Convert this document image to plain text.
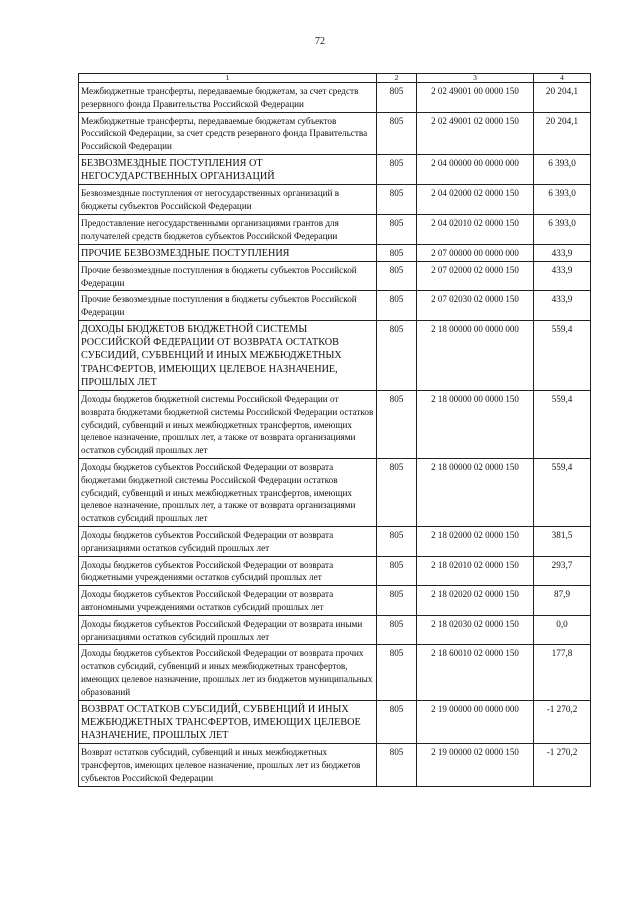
72
1	2	3	4
Межбюджетные трансферты, передаваемые бюджетам, за счет средств резервного фонда Правительства Российской Федерации	805	2 02 49001 00 0000 150	20 204,1
Межбюджетные трансферты, передаваемые бюджетам субъектов Российской Федерации, за счет средств резервного фонда Правительства Российской Федерации	805	2 02 49001 02 0000 150	20 204,1
БЕЗВОЗМЕЗДНЫЕ ПОСТУПЛЕНИЯ ОТ НЕГОСУДАРСТВЕННЫХ ОРГАНИЗАЦИЙ	805	2 04 00000 00 0000 000	6 393,0
Безвозмездные поступления от негосударственных организаций в бюджеты субъектов Российской Федерации	805	2 04 02000 02 0000 150	6 393,0
Предоставление негосударственными организациями грантов для получателей средств бюджетов субъектов Российской Федерации	805	2 04 02010 02 0000 150	6 393,0
ПРОЧИЕ БЕЗВОЗМЕЗДНЫЕ ПОСТУПЛЕНИЯ	805	2 07 00000 00 0000 000	433,9
Прочие безвозмездные поступления в бюджеты субъектов Российской Федерации	805	2 07 02000 02 0000 150	433,9
Прочие безвозмездные поступления в бюджеты субъектов Российской Федерации	805	2 07 02030 02 0000 150	433,9
ДОХОДЫ БЮДЖЕТОВ БЮДЖЕТНОЙ СИСТЕМЫ РОССИЙСКОЙ ФЕДЕРАЦИИ ОТ ВОЗВРАТА ОСТАТКОВ СУБСИДИЙ, СУБВЕНЦИЙ И ИНЫХ МЕЖБЮДЖЕТНЫХ ТРАНСФЕРТОВ, ИМЕЮЩИХ ЦЕЛЕВОЕ НАЗНАЧЕНИЕ, ПРОШЛЫХ ЛЕТ	805	2 18 00000 00 0000 000	559,4
Доходы бюджетов бюджетной системы Российской Федерации от возврата бюджетами бюджетной системы Российской Федерации остатков субсидий, субвенций и иных межбюджетных трансфертов, имеющих целевое назначение, прошлых лет, а также от возврата организациями остатков субсидий прошлых лет	805	2 18 00000 00 0000 150	559,4
Доходы бюджетов субъектов Российской Федерации от возврата бюджетами бюджетной системы Российской Федерации остатков субсидий, субвенций и иных межбюджетных трансфертов, имеющих целевое назначение, прошлых лет, а также от возврата организациями остатков субсидий прошлых лет	805	2 18 00000 02 0000 150	559,4
Доходы бюджетов субъектов Российской Федерации от возврата организациями остатков субсидий прошлых лет	805	2 18 02000 02 0000 150	381,5
Доходы бюджетов субъектов Российской Федерации от возврата бюджетными учреждениями остатков субсидий прошлых лет	805	2 18 02010 02 0000 150	293,7
Доходы бюджетов субъектов Российской Федерации от возврата автономными учреждениями остатков субсидий прошлых лет	805	2 18 02020 02 0000 150	87,9
Доходы бюджетов субъектов Российской Федерации от возврата иными организациями остатков субсидий прошлых лет	805	2 18 02030 02 0000 150	0,0
Доходы бюджетов субъектов Российской Федерации от возврата прочих остатков субсидий, субвенций и иных межбюджетных трансфертов, имеющих целевое назначение, прошлых лет из бюджетов муниципальных образований	805	2 18 60010 02 0000 150	177,8
ВОЗВРАТ ОСТАТКОВ СУБСИДИЙ, СУБВЕНЦИЙ И ИНЫХ МЕЖБЮДЖЕТНЫХ ТРАНСФЕРТОВ, ИМЕЮЩИХ ЦЕЛЕВОЕ НАЗНАЧЕНИЕ, ПРОШЛЫХ ЛЕТ	805	2 19 00000 00 0000 000	-1 270,2
Возврат остатков субсидий, субвенций и иных межбюджетных трансфертов, имеющих целевое назначение, прошлых лет из бюджетов субъектов Российской Федерации	805	2 19 00000 02 0000 150	-1 270,2
